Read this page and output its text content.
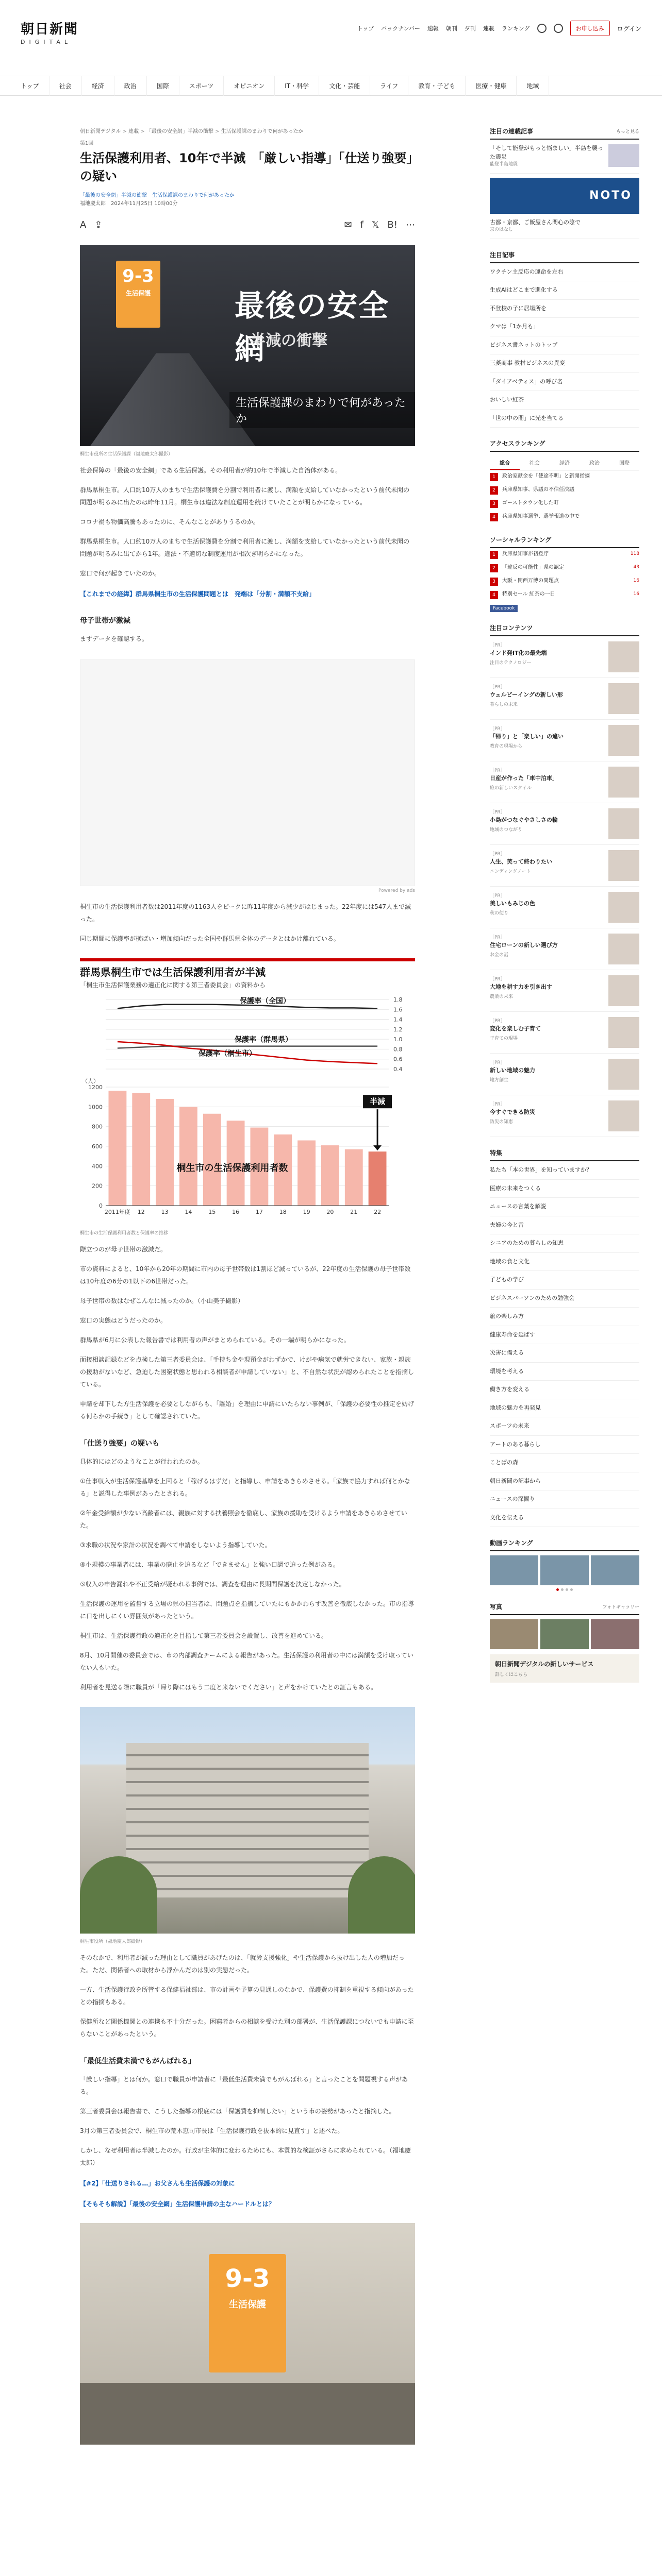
朝日新聞
DIGITAL
トップ バックナンバー 速報 朝刊 夕刊 連載 ランキング	お申し込み	ログイン
トップ	社会	経済	政治	国際	スポーツ	オピニオン	IT・科学	文化・芸能	ライフ	教育・子ども	医療・健康	地域
朝日新聞デジタル > 連載 > 「最後の安全網」半減の衝撃 > 生活保護課のまわりで何があったか
第1回
生活保護利用者、10年で半減　「厳しい指導」「仕送り強要」の疑い
「最後の安全網」半減の衝撃　生活保護課のまわりで何があったか
福地慶太郎　2024年11月25日 10時00分
A ⇪	✉ f 𝕏 B! ⋯
9-3
生活保護	最後の安全網
半減の衝撃
生活保護課のまわりで何があったか
桐生市役所の生活保護課（福地慶太郎撮影）

社会保障の「最後の安全網」である生活保護。その利用者が約10年で半減した自治体がある。

群馬県桐生市。人口約10万人のまちで生活保護費を分割で利用者に渡し、満額を支給していなかったという前代未聞の問題が明るみに出たのは昨年11月。桐生市は違法な制度運用を続けていたことが明らかになっている。

コロナ禍も物価高騰もあったのに、そんなことがありうるのか。

群馬県桐生市。人口約10万人のまちで生活保護費を分割で利用者に渡し、満額を支給していなかったという前代未聞の問題が明るみに出てから1年。違法・不適切な制度運用が相次ぎ明らかになった。

窓口で何が起きていたのか。

【これまでの経緯】群馬県桐生市の生活保護問題とは　発端は「分割・満額不支給」
母子世帯が激減

まずデータを確認する。

Powered by ads

桐生市の生活保護利用者数は2011年度の1163人をピークに昨11年度から減少がはじまった。22年度には547人まで減った。

同じ期間に保護率が横ばい・増加傾向だった全国や群馬県全体のデータとはかけ離れている。

群馬県桐生市では生活保護利用者が半減
「桐生市生活保護業務の適正化に関する第三者委員会」の資料から
0.4
0.6
0.8
1.0
1.2
1.4
1.6
1.8
0
200
400
600
800
1000
1200
（人）
2011年度 12	13	14	15	16	17	18	19	20	21	22
保護率（全国）
保護率（群馬県）
保護率（桐生市）
桐生市の生活保護利用者数
半減
桐生市の生活保護利用者数と保護率の推移

際立つのが母子世帯の激減だ。

市の資料によると、10年から20年の期間に市内の母子世帯数は1割ほど減っているが、22年度の生活保護の母子世帯数は10年度の6分の1以下の6世帯だった。

母子世帯の数はなぜこんなに減ったのか。（小山美子撮影）

窓口の実態はどうだったのか。

群馬県が6月に公表した報告書では利用者の声がまとめられている。その一端が明らかになった。

面接相談記録などを点検した第三者委員会は、「手持ち金や現預金がわずかで、けがや病気で就労できない、家族・親族の援助がないなど、急迫した困窮状態と思われる相談者が申請していない」と、不自然な状況が認められたことを指摘している。

申請を却下した方生活保護を必要としながらも、「離婚」を理由に申請にいたらない事例が、「保護の必要性の推定を妨げる何らかの手続き」として確認されていた。

「仕送り強要」の疑いも

具体的にはどのようなことが行われたのか。

①仕事収入が生活保護基準を上回ると「稼げるはずだ」と指導し、申請をあきらめさせる。「家族で協力すれば何とかなる」と説得した事例があったとされる。

②年金受給額が少ない高齢者には、親族に対する扶養照会を徹底し、家族の援助を受けるよう申請をあきらめさせていた。

③求職の状況や家計の状況を調べて申請をしないよう指導していた。

④小規模の事業者には、事業の廃止を迫るなど「できません」と強い口調で迫った例がある。

⑤収入の申告漏れや不正受給が疑われる事例では、調査を理由に長期間保護を決定しなかった。

生活保護の運用を監督する立場の県の担当者は、問題点を指摘していたにもかかわらず改善を徹底しなかった。市の指導に口を出しにくい雰囲気があったという。

桐生市は、生活保護行政の適正化を目指して第三者委員会を設置し、改善を進めている。

8月、10月開催の委員会では、市の内部調査チームによる報告があった。生活保護の利用者の中には満額を受け取っていない人もいた。

利用者を見送る際に職員が「帰り際にはもう二度と来ないでください」と声をかけていたとの証言もある。

桐生市役所（福地慶太郎撮影）

そのなかで、利用者が減った理由として職員があげたのは、「就労支援強化」や生活保護から抜け出した人の増加だった。ただ、関係者への取材から浮かんだのは別の実態だった。

一方、生活保護行政を所管する保健福祉部は、市の計画や予算の見通しのなかで、保護費の抑制を重視する傾向があったとの指摘もある。

保健所など関係機関との連携も不十分だった。困窮者からの相談を受けた別の部署が、生活保護課につないでも申請に至らないことがあったという。

「最低生活費未満でもがんばれる」

「厳しい指導」とは何か。窓口で職員が申請者に「最低生活費未満でもがんばれる」と言ったことを問題視する声がある。

第三者委員会は報告書で、こうした指導の根底には「保護費を抑制したい」という市の姿勢があったと指摘した。

3月の第三者委員会で、桐生市の荒木恵司市長は「生活保護行政を抜本的に見直す」と述べた。

しかし、なぜ利用者は半減したのか。行政が主体的に変わるためにも、本質的な検証がさらに求められている。（福地慶太郎）

【#2】「仕送りされる…」お父さんも生活保護の対象に
【そもそも解説】「最後の安全網」生活保護申請の主なハードルとは？
9-3
生活保護
注目の連載記事	もっと見る
「そして能登がもっと悩ましい」半島を襲った震災
能登半島地震
NOTO
古都・京都、ご飯屋さん関心の陰で
京のはなし
注目記事
ワクチン主反応の運命を左右
生成AIはどこまで進化する
不登校の子に居場所を
クマは「1か月も」
ビジネス書ネットのトップ
三菱商事 教材ビジネスの異変
「ダイアベティス」の呼び名
おいしい紅茶
「世の中の闇」に光を当てる
アクセスランキング
総合	社会	経済	政治	国際
1	政治家献金を「使途不明」と新聞指摘
2	兵庫県知事、県議の不信任決議
3	ゴーストタウン化した町
4	兵庫県知事選挙、選挙報道の中で
ソーシャルランキング
1	兵庫県知事が初登庁	118
2	「違反の可能性」県の認定	43
3	大阪・関西万博の問題点	16
4	特別セール 紅茶の一日	16
Facebook
注目コンテンツ
［PR］
インド発IT化の最先端
注目のテクノロジー
［PR］
ウェルビーイングの新しい形
暮らしの未来
［PR］
「帰り」と「楽しい」の違い
教育の現場から
［PR］
日産が作った「車中泊車」
旅の新しいスタイル
［PR］
小島がつなぐやさしさの輪
地域のつながり
［PR］
人生、笑って終わりたい
エンディングノート
［PR］
美しいもみじの色
秋の便り
［PR］
住宅ローンの新しい選び方
お金の話
［PR］
大地を耕す力を引き出す
農業の未来
［PR］
変化を楽しむ子育て
子育ての現場
［PR］
新しい地域の魅力
地方創生
［PR］
今すぐできる防災
防災の知恵
特集
私たち「本の世界」を知っていますか？
医療の未来をつくる
ニュースの言葉を解説
夫婦の今と昔
シニアのための暮らしの知恵
地域の食と文化
子どもの学び
ビジネスパーソンのための勉強会
旅の楽しみ方
健康寿命を延ばす
災害に備える
環境を考える
働き方を変える
地域の魅力を再発見
スポーツの未来
アートのある暮らし
ことばの森
朝日新聞の記事から
ニュースの深掘り
文化を伝える
動画ランキング
写真	フォトギャラリー
朝日新聞デジタルの新しいサービス
詳しくはこちら
